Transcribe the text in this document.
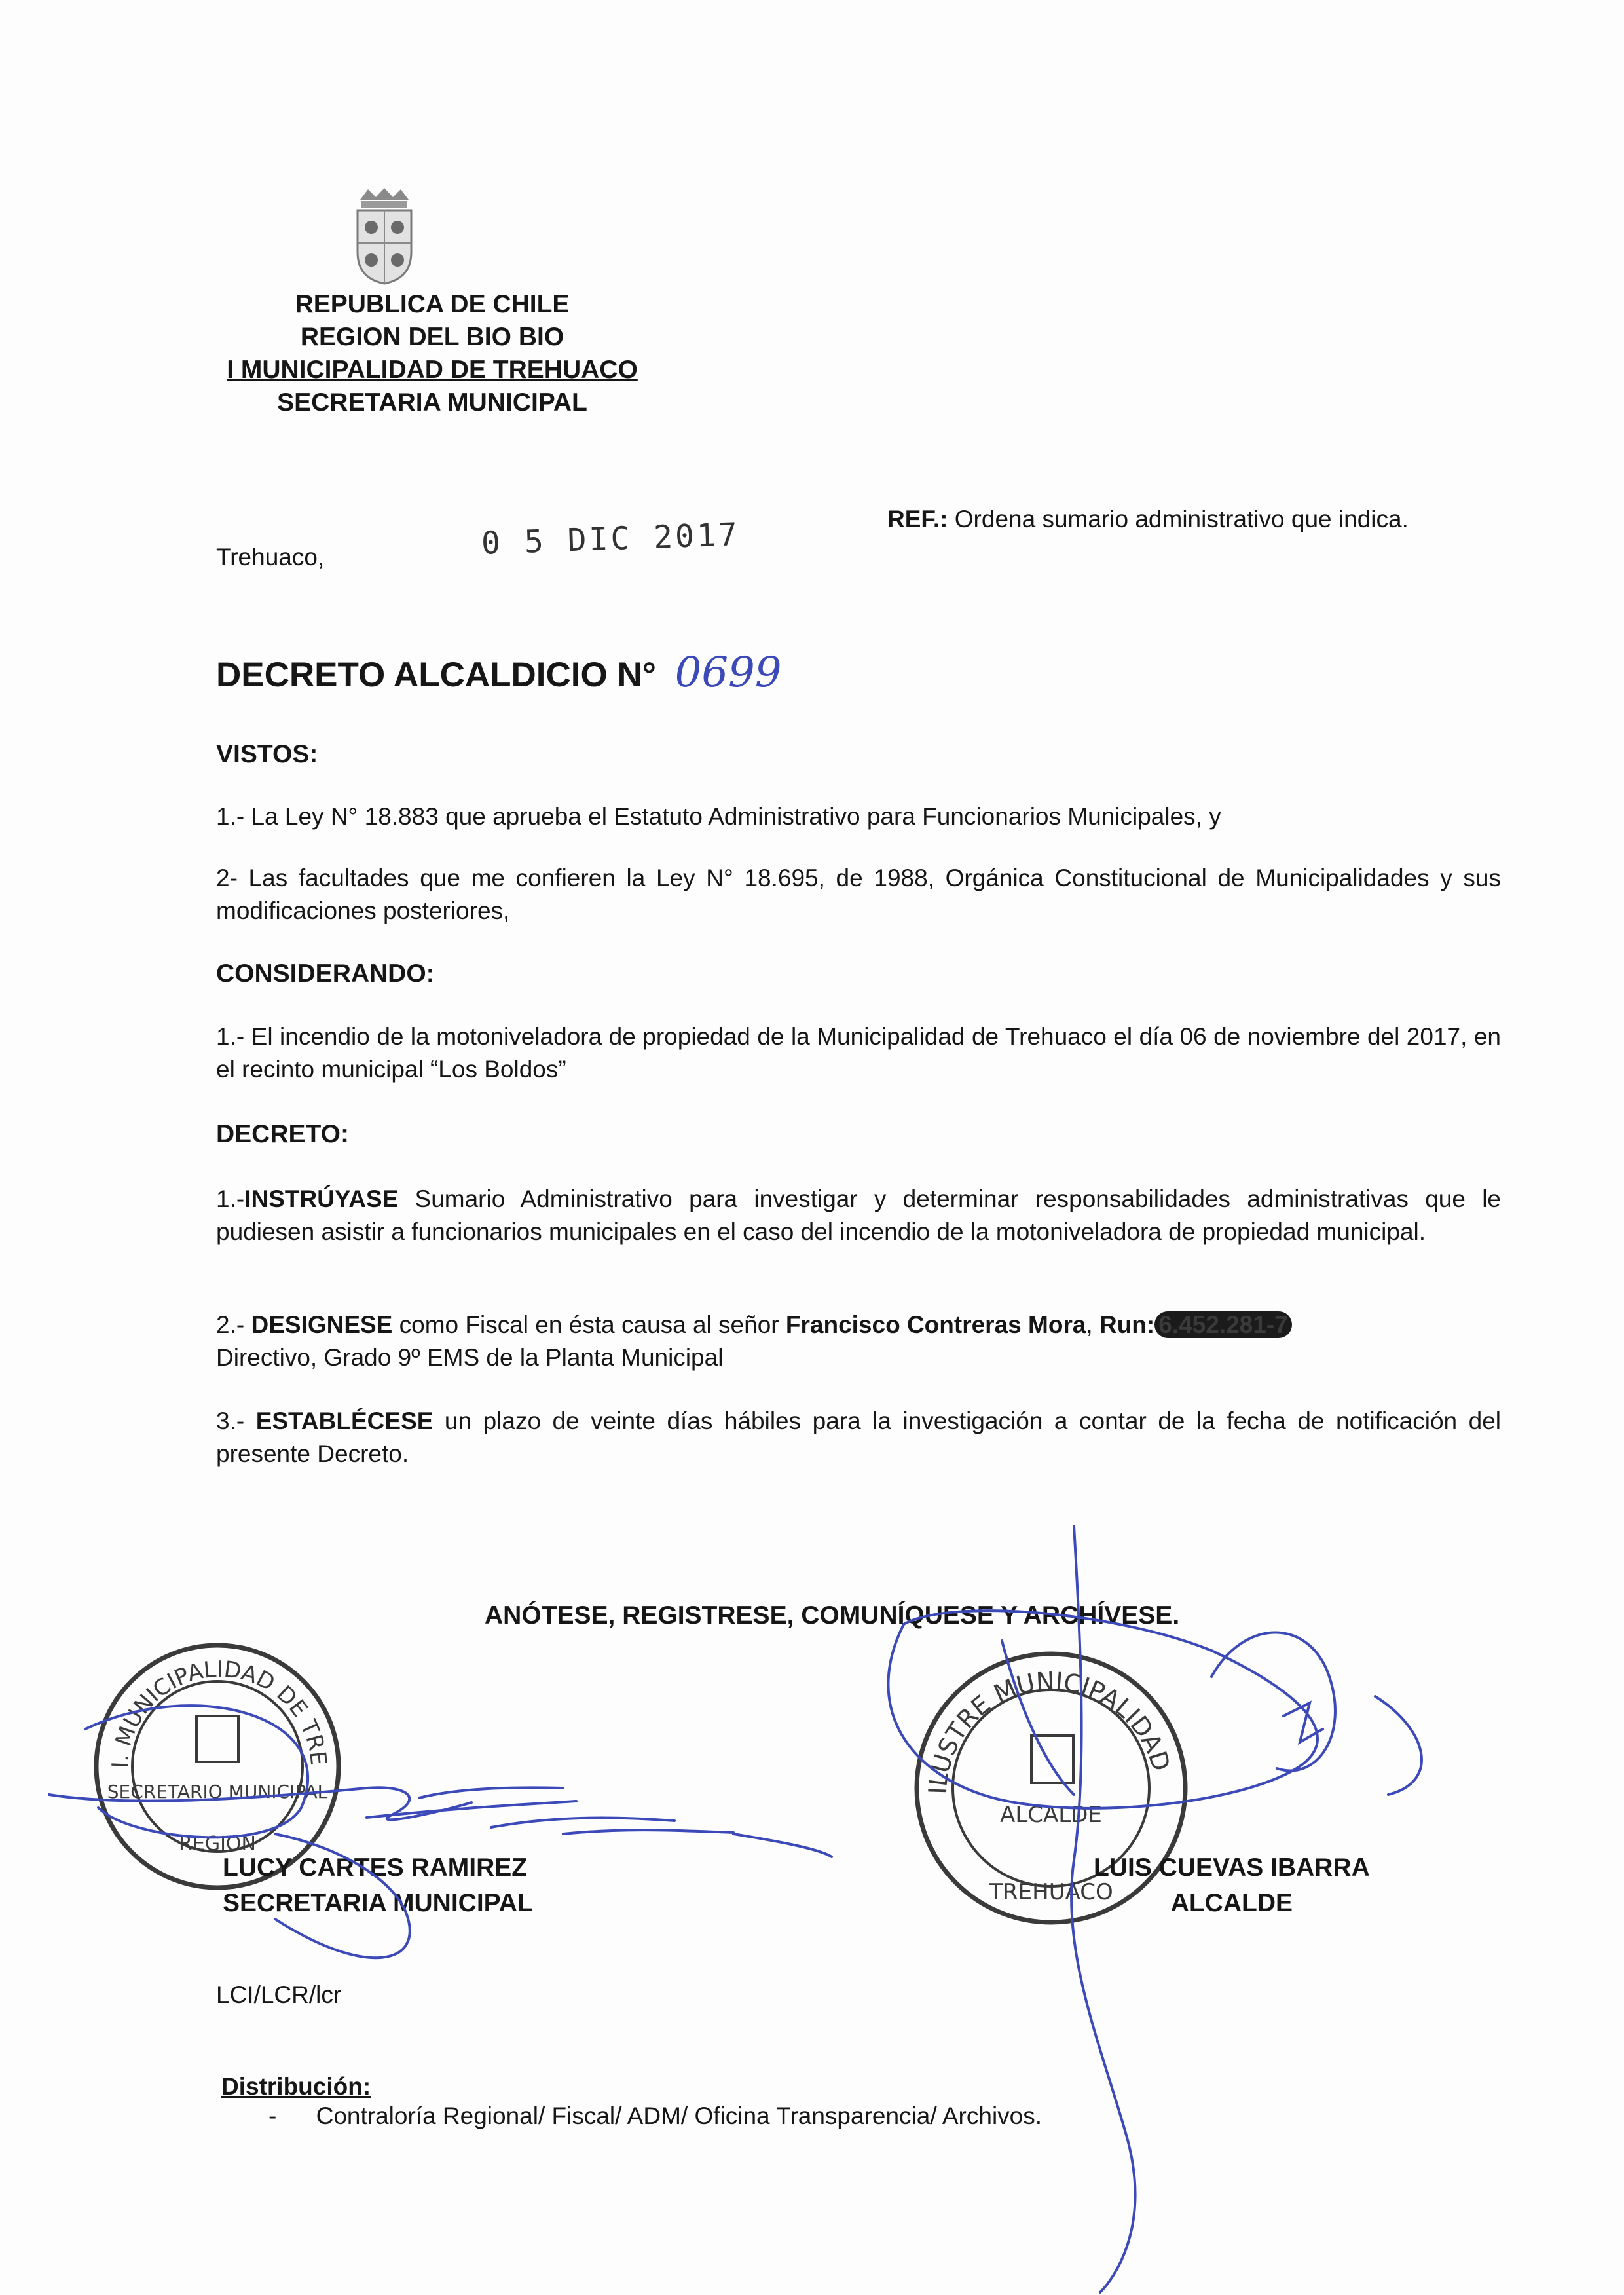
REPUBLICA DE CHILE
REGION DEL BIO BIO
I MUNICIPALIDAD DE TREHUACO
SECRETARIA MUNICIPAL
Trehuaco,	0 5 DIC 2017	REF.: Ordena sumario administrativo que indica.
DECRETO ALCALDICIO N° 0699
VISTOS:
1.- La Ley N° 18.883 que aprueba el Estatuto Administrativo para Funcionarios Municipales, y
2- Las facultades que me confieren la Ley N° 18.695, de 1988, Orgánica Constitucional de Municipalidades y sus modificaciones posteriores,
CONSIDERANDO:
1.- El incendio de la motoniveladora de propiedad de la Municipalidad de Trehuaco el día 06 de noviembre del 2017, en el recinto municipal “Los Boldos”
DECRETO:
1.-INSTRÚYASE Sumario Administrativo para investigar y determinar responsabilidades administrativas que le pudiesen asistir a funcionarios municipales en el caso del incendio de la motoniveladora de propiedad municipal.
2.- DESIGNESE como Fiscal en ésta causa al señor Francisco Contreras Mora, Run: 6.452.281-7
Directivo, Grado 9º EMS de la Planta Municipal
3.- ESTABLÉCESE un plazo de veinte días hábiles para la investigación a contar de la fecha de notificación del presente Decreto.
ANÓTESE, REGISTRESE, COMUNÍQUESE Y ARCHÍVESE.
I. MUNICIPALIDAD DE TRE
SECRETARIO MUNICIPAL
REGION
ILUSTRE MUNICIPALIDAD
ALCALDE
TREHUACO
LUCY CARTES RAMIREZ
SECRETARIA MUNICIPAL
LUIS CUEVAS IBARRA
ALCALDE
LCI/LCR/lcr
Distribución:
- Contraloría Regional/ Fiscal/ ADM/ Oficina Transparencia/ Archivos.
